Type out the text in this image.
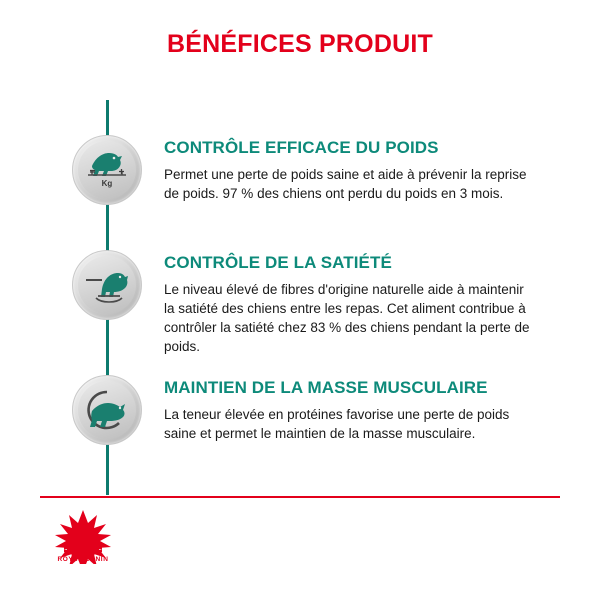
BÉNÉFICES PRODUIT
Kg

CONTRÔLE EFFICACE DU POIDS

Permet une perte de poids saine et aide à prévenir la reprise de poids. 97 % des chiens ont perdu du poids en 3 mois.

CONTRÔLE DE LA SATIÉTÉ

Le niveau élevé de fibres d'origine naturelle aide à maintenir la satiété des chiens entre les repas. Cet aliment contribue à contrôler la satiété chez 83 % des chiens pendant la perte de poids.

MAINTIEN DE LA MASSE MUSCULAIRE

La teneur élevée en protéines favorise une perte de poids saine et permet le maintien de la masse musculaire.

ROYAL CANIN
